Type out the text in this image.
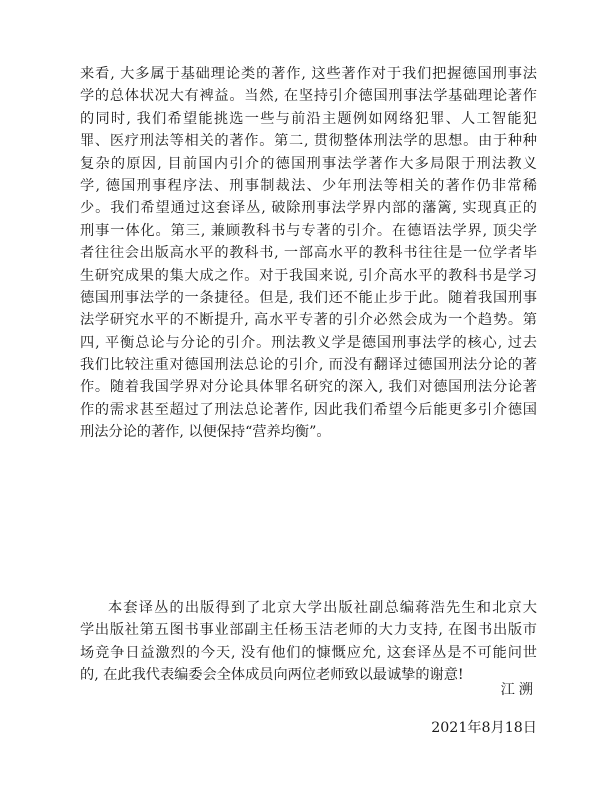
来看, 大多属于基础理论类的著作, 这些著作对于我们把握德国刑事法
学的总体状况大有裨益。当然, 在坚持引介德国刑事法学基础理论著作
的同时, 我们希望能挑选一些与前沿主题例如网络犯罪、人工智能犯
罪、医疗刑法等相关的著作。第二, 贯彻整体刑法学的思想。由于种种
复杂的原因, 目前国内引介的德国刑事法学著作大多局限于刑法教义
学, 德国刑事程序法、刑事制裁法、少年刑法等相关的著作仍非常稀
少。我们希望通过这套译丛, 破除刑事法学界内部的藩篱, 实现真正的
刑事一体化。第三, 兼顾教科书与专著的引介。在德语法学界, 顶尖学
者往往会出版高水平的教科书, 一部高水平的教科书往往是一位学者毕
生研究成果的集大成之作。对于我国来说, 引介高水平的教科书是学习
德国刑事法学的一条捷径。但是, 我们还不能止步于此。随着我国刑事
法学研究水平的不断提升, 高水平专著的引介必然会成为一个趋势。第
四, 平衡总论与分论的引介。刑法教义学是德国刑事法学的核心, 过去
我们比较注重对德国刑法总论的引介, 而没有翻译过德国刑法分论的著
作。随着我国学界对分论具体罪名研究的深入, 我们对德国刑法分论著
作的需求甚至超过了刑法总论著作, 因此我们希望今后能更多引介德国
刑法分论的著作, 以便保持“营养均衡”。
本套译丛的出版得到了北京大学出版社副总编蒋浩先生和北京大
学出版社第五图书事业部副主任杨玉洁老师的大力支持, 在图书出版市
场竞争日益激烈的今天, 没有他们的慷慨应允, 这套译丛是不可能问世
的, 在此我代表编委会全体成员向两位老师致以最诚挚的谢意!
江溯
2021年8月18日
